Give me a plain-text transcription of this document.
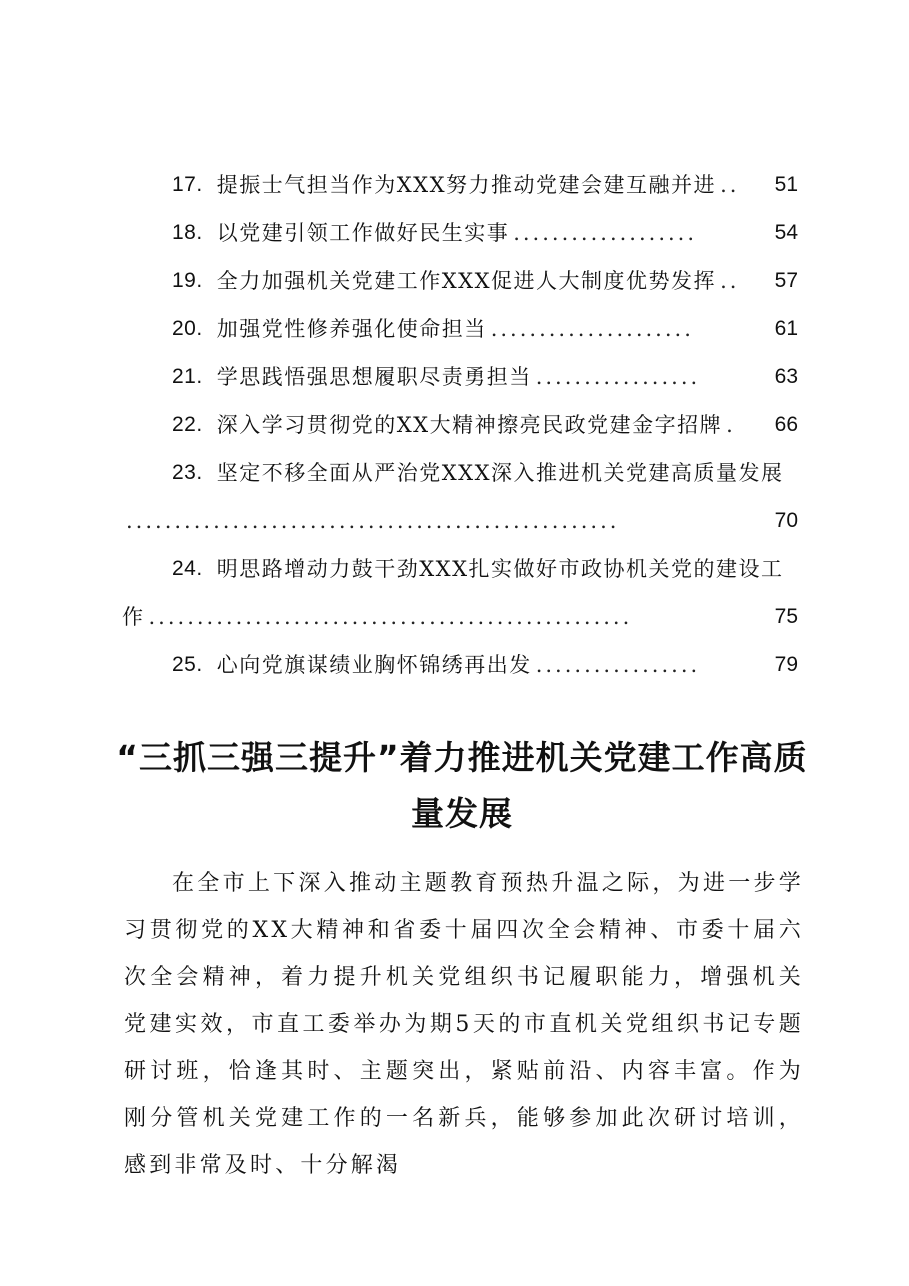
17. 提振士气担当作为XXX努力推动党建会建互融并进 ..	51
18. 以党建引领工作做好民生实事 ...................	54
19. 全力加强机关党建工作XXX促进人大制度优势发挥 ..	57
20. 加强党性修养强化使命担当 .....................	61
21. 学思践悟强思想履职尽责勇担当 .................	63
22. 深入学习贯彻党的XX大精神擦亮民政党建金字招牌 .	66
23. 坚定不移全面从严治党XXX深入推进机关党建高质量发展
...................................................	70
24. 明思路增动力鼓干劲XXX扎实做好市政协机关党的建设工
作 ..................................................	75
25. 心向党旗谋绩业胸怀锦绣再出发 .................	79
“三抓三强三提升”着力推进机关党建工作高质量发展

在全市上下深入推动主题教育预热升温之际，为进一步学习贯彻党的XX大精神和省委十届四次全会精神、市委十届六次全会精神，着力提升机关党组织书记履职能力，增强机关党建实效，市直工委举办为期5天的市直机关党组织书记专题研讨班，恰逢其时、主题突出，紧贴前沿、内容丰富。作为刚分管机关党建工作的一名新兵，能够参加此次研讨培训，感到非常及时、十分解渴
